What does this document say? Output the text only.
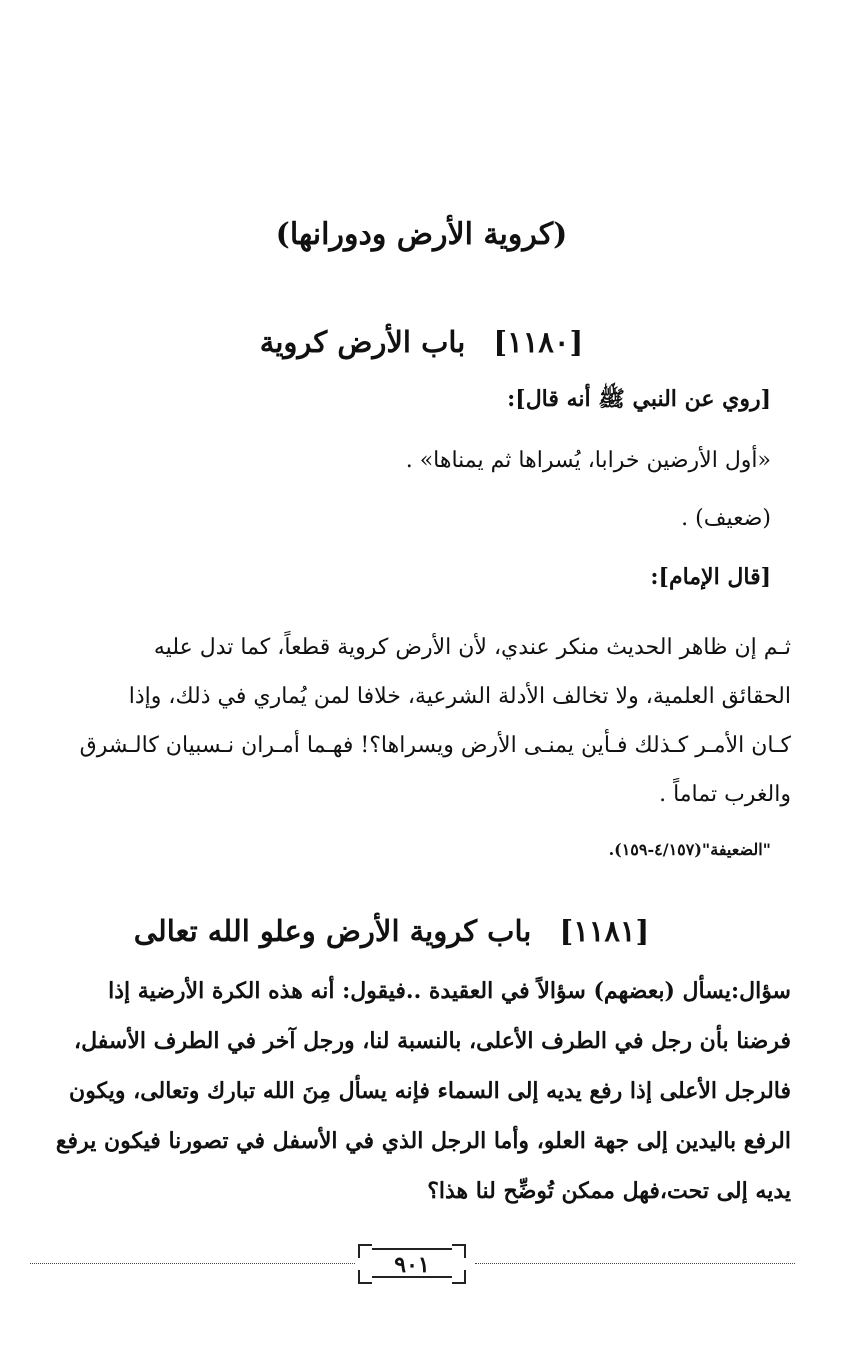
(كروية الأرض ودورانها)
[١١٨٠] باب الأرض كروية
[روي عن النبي ﷺ أنه قال]:
«أول الأرضين خرابا، يُسراها ثم يمناها» .
(ضعيف) .
[قال الإمام]:
ثـم إن ظاهر الحديث منكر عندي، لأن الأرض كروية قطعاً، كما تدل عليه
الحقائق العلمية، ولا تخالف الأدلة الشرعية، خلافا لمن يُماري في ذلك، وإذا
كـان الأمـر كـذلك فـأين يمنـى الأرض ويسراها؟! فهـما أمـران نـسبيان كالـشرق
والغرب تماماً .
"الضعيفة"(٤/١٥٧-١٥٩).
[١١٨١] باب كروية الأرض وعلو الله تعالى
سؤال:يسأل (بعضهم) سؤالاً في العقيدة ..فيقول: أنه هذه الكرة الأرضية إذا
فرضنا بأن رجل في الطرف الأعلى، بالنسبة لنا، ورجل آخر في الطرف الأسفل،
فالرجل الأعلى إذا رفع يديه إلى السماء فإنه يسأل مِنَ الله تبارك وتعالى، ويكون
الرفع باليدين إلى جهة العلو، وأما الرجل الذي في الأسفل في تصورنا فيكون يرفع
يديه إلى تحت،فهل ممكن تُوضِّح لنا هذا؟
٩٠١
